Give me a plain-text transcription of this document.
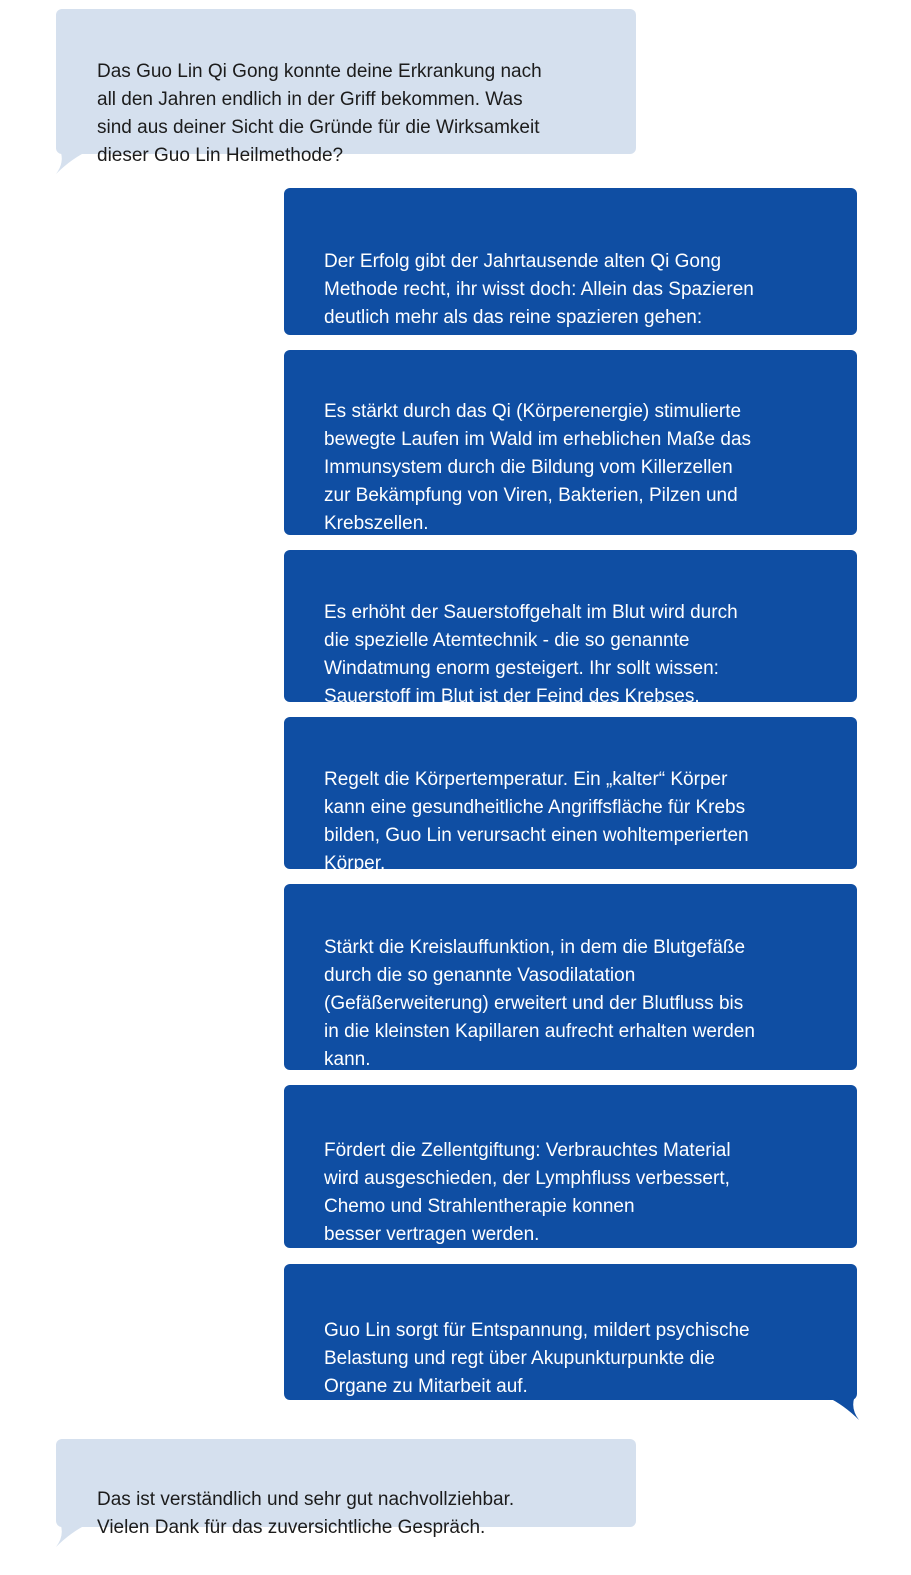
Das Guo Lin Qi Gong konnte deine Erkrankung nach
all den Jahren endlich in der Griff bekommen. Was
sind aus deiner Sicht die Gründe für die Wirksamkeit
dieser Guo Lin Heilmethode?

Der Erfolg gibt der Jahrtausende alten Qi Gong
Methode recht, ihr wisst doch: Allein das Spazieren
deutlich mehr als das reine spazieren gehen:

Es stärkt durch das Qi (Körperenergie) stimulierte
bewegte Laufen im Wald im erheblichen Maße das
Immunsystem durch die Bildung vom Killerzellen
zur Bekämpfung von Viren, Bakterien, Pilzen und
Krebszellen.

Es erhöht der Sauerstoffgehalt im Blut wird durch
die spezielle Atemtechnik - die so genannte
Windatmung enorm gesteigert. Ihr sollt wissen:
Sauerstoff im Blut ist der Feind des Krebses.

Regelt die Körpertemperatur. Ein „kalter“ Körper
kann eine gesundheitliche Angriffsfläche für Krebs
bilden, Guo Lin verursacht einen wohltemperierten
Körper.

Stärkt die Kreislauffunktion, in dem die Blutgefäße
durch die so genannte Vasodilatation
(Gefäßerweiterung) erweitert und der Blutfluss bis
in die kleinsten Kapillaren aufrecht erhalten werden
kann.

Fördert die Zellentgiftung: Verbrauchtes Material
wird ausgeschieden, der Lymphfluss verbessert,
Chemo und Strahlentherapie konnen
besser vertragen werden.

Guo Lin sorgt für Entspannung, mildert psychische
Belastung und regt über Akupunkturpunkte die
Organe zu Mitarbeit auf.

Das ist verständlich und sehr gut nachvollziehbar.
Vielen Dank für das zuversichtliche Gespräch.
